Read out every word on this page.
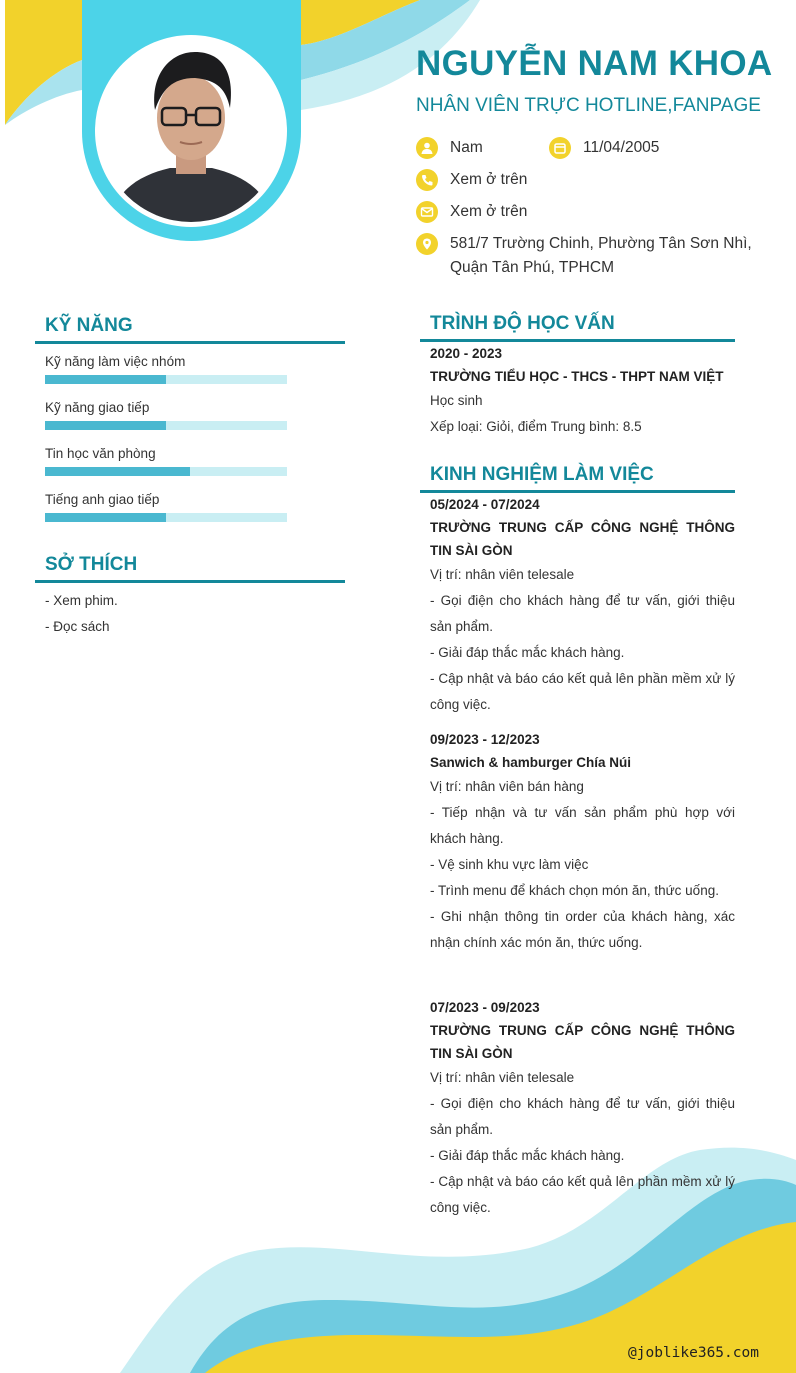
NGUYỄN NAM KHOA
NHÂN VIÊN TRỰC HOTLINE,FANPAGE
Nam	11/04/2005
Xem ở trên
Xem ở trên
581/7 Trường Chinh, Phường Tân Sơn Nhì,
Quận Tân Phú, TPHCM
KỸ NĂNG
Kỹ năng làm việc nhóm
Kỹ năng giao tiếp
Tin học văn phòng
Tiếng anh giao tiếp
SỞ THÍCH
- Xem phim.
- Đọc sách
TRÌNH ĐỘ HỌC VẤN
2020 - 2023
TRƯỜNG TIỂU HỌC - THCS - THPT NAM VIỆT
Học sinh
Xếp loại: Giỏi, điểm Trung bình: 8.5
KINH NGHIỆM LÀM VIỆC
05/2024 - 07/2024
TRƯỜNG TRUNG CẤP CÔNG NGHỆ THÔNG TIN SÀI GÒN
Vị trí: nhân viên telesale
- Gọi điện cho khách hàng để tư vấn, giới thiệu sản phẩm.
- Giải đáp thắc mắc khách hàng.
- Cập nhật và báo cáo kết quả lên phần mềm xử lý công việc.
09/2023 - 12/2023
Sanwich & hamburger Chía Núi
Vị trí: nhân viên bán hàng
- Tiếp nhận và tư vấn sản phẩm phù hợp với khách hàng.
- Vệ sinh khu vực làm việc
- Trình menu để khách chọn món ăn, thức uống.
- Ghi nhận thông tin order của khách hàng, xác nhận chính xác món ăn, thức uống.
07/2023 - 09/2023
TRƯỜNG TRUNG CẤP CÔNG NGHỆ THÔNG TIN SÀI GÒN
Vị trí: nhân viên telesale
- Gọi điện cho khách hàng để tư vấn, giới thiệu sản phẩm.
- Giải đáp thắc mắc khách hàng.
- Cập nhật và báo cáo kết quả lên phần mềm xử lý công việc.
@joblike365.com
